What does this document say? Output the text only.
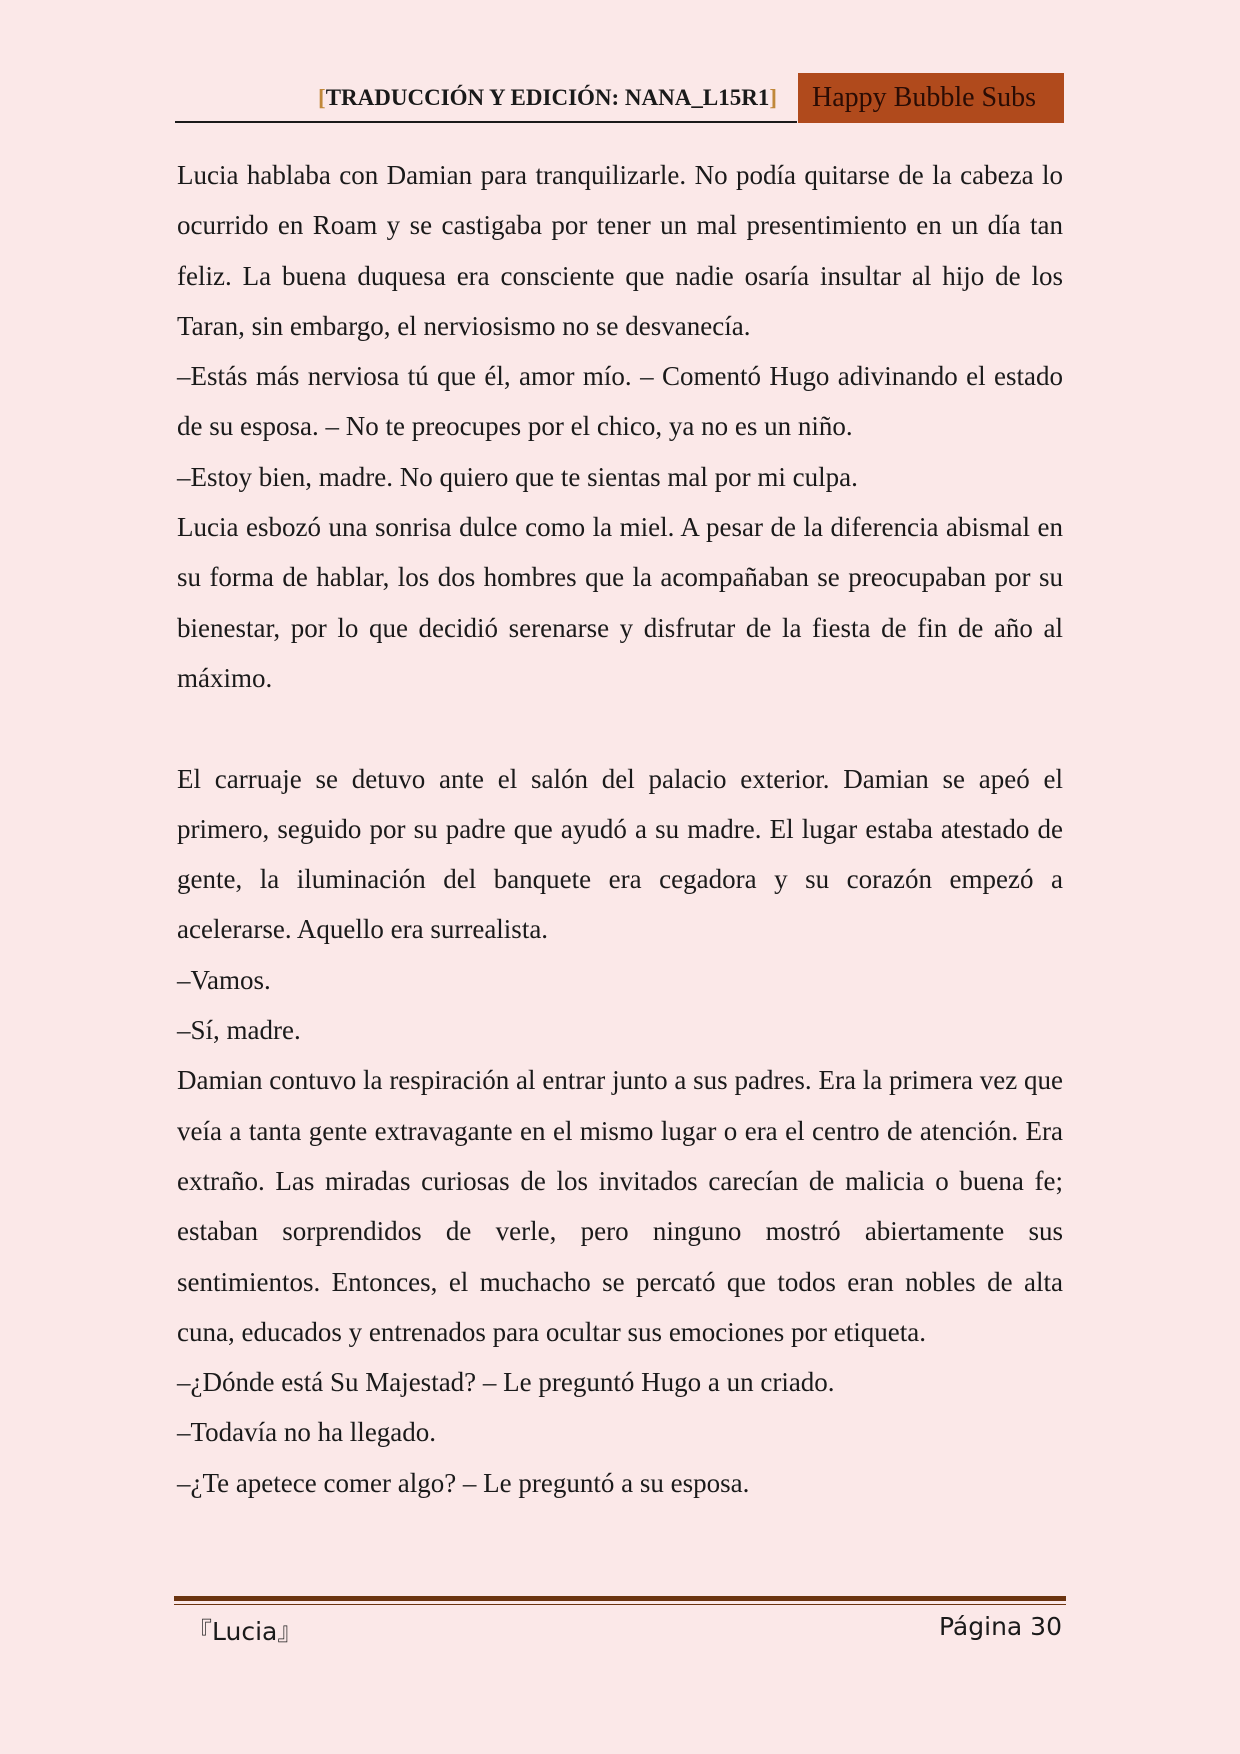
[TRADUCCIÓN Y EDICIÓN: NANA_L15R1]	Happy Bubble Subs

Lucia hablaba con Damian para tranquilizarle. No podía quitarse de la cabeza lo ocurrido en Roam y se castigaba por tener un mal presentimiento en un día tan feliz. La buena duquesa era consciente que nadie osaría insultar al hijo de los Taran, sin embargo, el nerviosismo no se desvanecía.

–Estás más nerviosa tú que él, amor mío. – Comentó Hugo adivinando el estado de su esposa. – No te preocupes por el chico, ya no es un niño.

–Estoy bien, madre. No quiero que te sientas mal por mi culpa.

Lucia esbozó una sonrisa dulce como la miel. A pesar de la diferencia abismal en su forma de hablar, los dos hombres que la acompañaban se preocupaban por su bienestar, por lo que decidió serenarse y disfrutar de la fiesta de fin de año al máximo.

El carruaje se detuvo ante el salón del palacio exterior. Damian se apeó el primero, seguido por su padre que ayudó a su madre. El lugar estaba atestado de gente, la iluminación del banquete era cegadora y su corazón empezó a acelerarse. Aquello era surrealista.

–Vamos.

–Sí, madre.

Damian contuvo la respiración al entrar junto a sus padres. Era la primera vez que veía a tanta gente extravagante en el mismo lugar o era el centro de atención. Era extraño. Las miradas curiosas de los invitados carecían de malicia o buena fe; estaban sorprendidos de verle, pero ninguno mostró abiertamente sus sentimientos. Entonces, el muchacho se percató que todos eran nobles de alta cuna, educados y entrenados para ocultar sus emociones por etiqueta.

–¿Dónde está Su Majestad? – Le preguntó Hugo a un criado.

–Todavía no ha llegado.

–¿Te apetece comer algo? – Le preguntó a su esposa.

『Lucia』	Página 30
